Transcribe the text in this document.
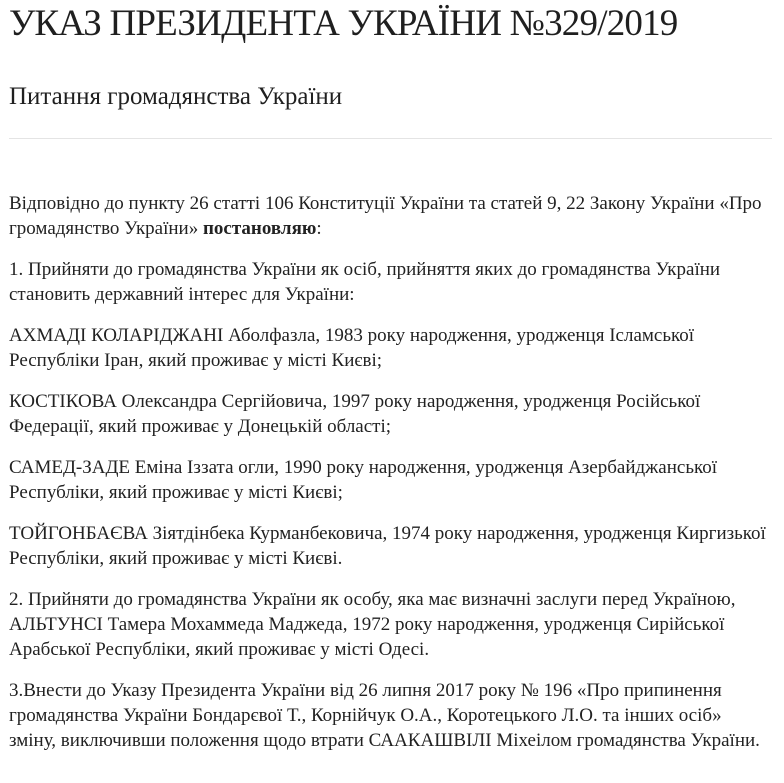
УКАЗ ПРЕЗИДЕНТА УКРАЇНИ №329/2019
Питання громадянства України

Відповідно до пункту 26 статті 106 Конституції України та статей 9, 22 Закону України «Про громадянство України» постановляю:

1. Прийняти до громадянства України як осіб, прийняття яких до громадянства України становить державний інтерес для України:

АХМАДІ КОЛАРІДЖАНІ Аболфазла, 1983 року народження, уродженця Ісламської Республіки Іран, який проживає у місті Києві;

КОСТІКОВА Олександра Сергійовича, 1997 року народження, уродженця Російської Федерації, який проживає у Донецькій області;

САМЕД-ЗАДЕ Еміна Іззата огли, 1990 року народження, уродженця Азербайджанської Республіки, який проживає у місті Києві;

ТОЙГОНБАЄВА Зіятдінбека Курманбековича, 1974 року народження, уродженця Киргизької Республіки, який проживає у місті Києві.

2. Прийняти до громадянства України як особу, яка має визначні заслуги перед Україною, АЛЬТУНСІ Тамера Мохаммеда Маджеда, 1972 року народження, уродженця Сирійської Арабської Республіки, який проживає у місті Одесі.

3.Внести до Указу Президента України від 26 липня 2017 року № 196 «Про припинення громадянства України Бондарєвої Т., Корнійчук О.А., Коротецького Л.О. та інших осіб» зміну, виключивши положення щодо втрати СААКАШВІЛІ Міхеілом громадянства України.
